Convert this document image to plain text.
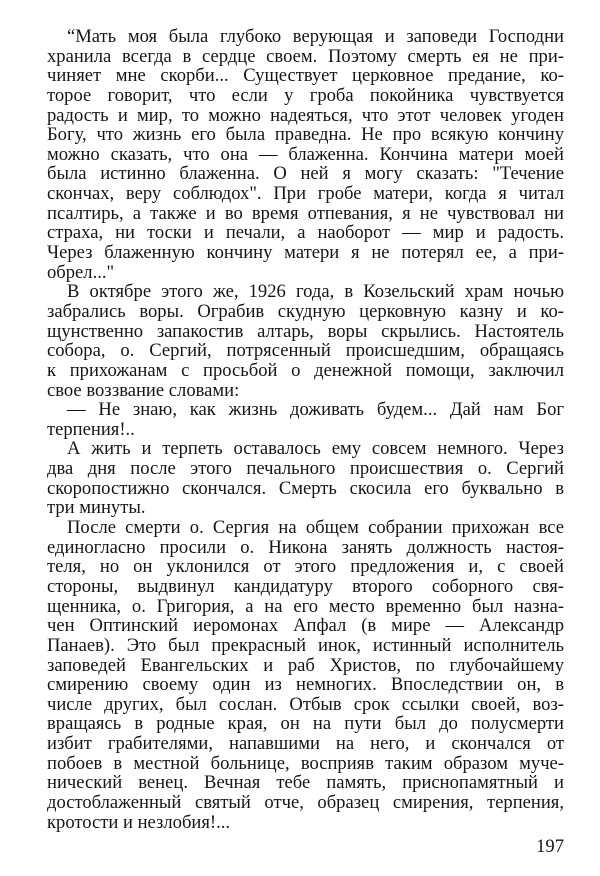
“Мать моя была глубоко верующая и заповеди Господни
хранила всегда в сердце своем. Поэтому смерть ея не при-
чиняет мне скорби... Существует церковное предание, ко-
торое говорит, что если у гроба покойника чувствуется
радость и мир, то можно надеяться, что этот человек угоден
Богу, что жизнь его была праведна. Не про всякую кончину
можно сказать, что она — блаженна. Кончина матери моей
была истинно блаженна. О ней я могу сказать: "Течение
скончах, веру соблюдох". При гробе матери, когда я читал
псалтирь, а также и во время отпевания, я не чувствовал ни
страха, ни тоски и печали, а наоборот — мир и радость.
Через блаженную кончину матери я не потерял ее, а при-
обрел..."
В октябре этого же, 1926 года, в Козельский храм ночью
забрались воры. Ограбив скудную церковную казну и ко-
щунственно запакостив алтарь, воры скрылись. Настоятель
собора, о. Сергий, потрясенный происшедшим, обращаясь
к прихожанам с просьбой о денежной помощи, заключил
свое воззвание словами:
— Не знаю, как жизнь доживать будем... Дай нам Бог
терпения!..
А жить и терпеть оставалось ему совсем немного. Через
два дня после этого печального происшествия о. Сергий
скоропостижно скончался. Смерть скосила его буквально в
три минуты.
После смерти о. Сергия на общем собрании прихожан все
единогласно просили о. Никона занять должность настоя-
теля, но он уклонился от этого предложения и, с своей
стороны, выдвинул кандидатуру второго соборного свя-
щенника, о. Григория, а на его место временно был назна-
чен Оптинский иеромонах Апфал (в мире — Александр
Панаев). Это был прекрасный инок, истинный исполнитель
заповедей Евангельских и раб Христов, по глубочайшему
смирению своему один из немногих. Впоследствии он, в
числе других, был сослан. Отбыв срок ссылки своей, воз-
вращаясь в родные края, он на пути был до полусмерти
избит грабителями, напавшими на него, и скончался от
побоев в местной больнице, восприяв таким образом муче-
нический венец. Вечная тебе память, приснопамятный и
достоблаженный святый отче, образец смирения, терпения,
кротости и незлобия!...
197
